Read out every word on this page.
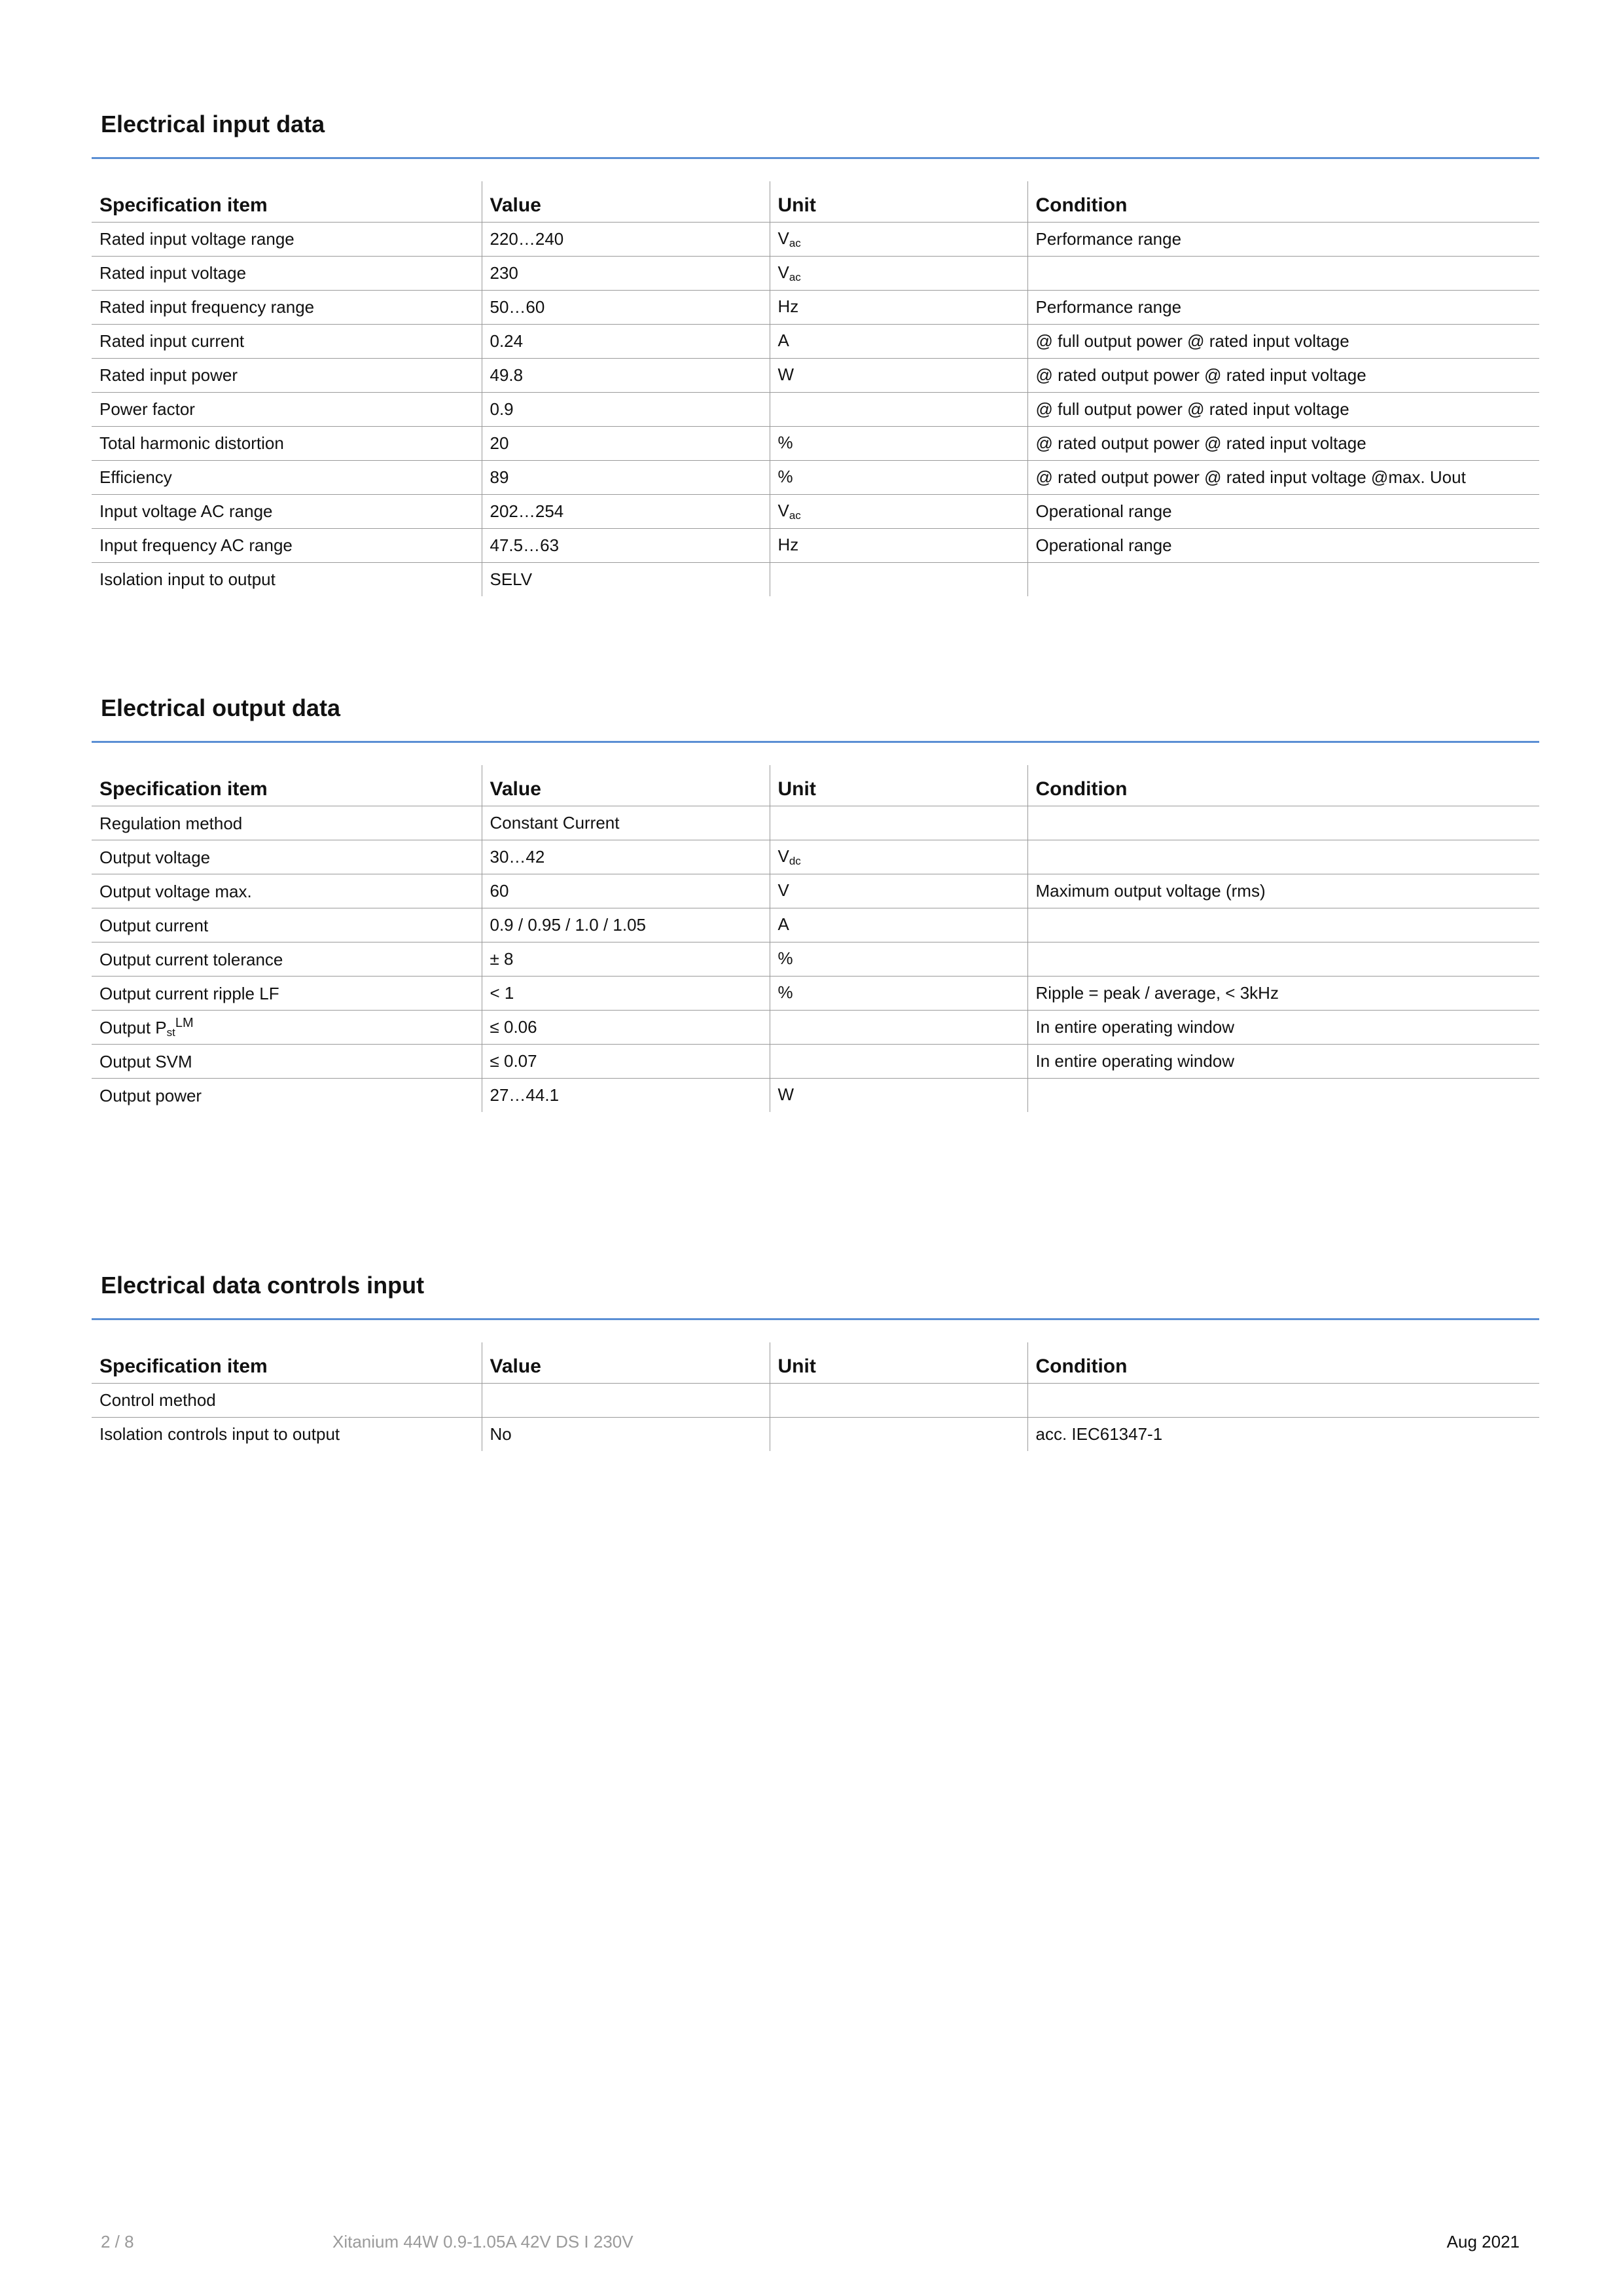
Electrical input data
Specification item	Value	Unit	Condition
Rated input voltage range	220…240	Vac	Performance range
Rated input voltage	230	Vac	
Rated input frequency range	50…60	Hz	Performance range
Rated input current	0.24	A	@ full output power @ rated input voltage
Rated input power	49.8	W	@ rated output power @ rated input voltage
Power factor	0.9		@ full output power @ rated input voltage
Total harmonic distortion	20	%	@ rated output power @ rated input voltage
Efficiency	89	%	@ rated output power @ rated input voltage @max. Uout
Input voltage AC range	202…254	Vac	Operational range
Input frequency AC range	47.5…63	Hz	Operational range
Isolation input to output	SELV		
Electrical output data
Specification item	Value	Unit	Condition
Regulation method	Constant Current		
Output voltage	30…42	Vdc	
Output voltage max.	60	V	Maximum output voltage (rms)
Output current	0.9 / 0.95 / 1.0 / 1.05	A	
Output current tolerance	± 8	%	
Output current ripple LF	< 1	%	Ripple = peak / average, < 3kHz
Output Pst$^{LM}$	≤ 0.06		In entire operating window
Output SVM	≤ 0.07		In entire operating window
Output power	27…44.1	W	
Electrical data controls input
Specification item	Value	Unit	Condition
Control method			
Isolation controls input to output	No		acc. IEC61347-1
2 / 8	Xitanium 44W 0.9-1.05A 42V DS I 230V	Aug 2021
